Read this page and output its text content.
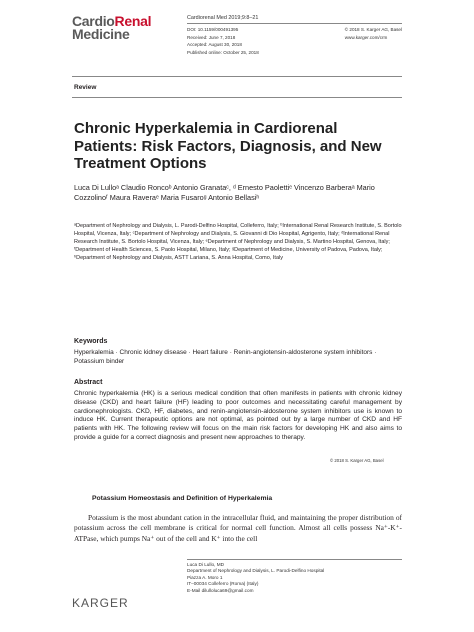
CardioRenal
Medicine
Cardiorenal Med 2019;9:8–21
DOI: 10.1159/000491395
Received: June 7, 2018
Accepted: August 30, 2018
Published online: October 25, 2018
© 2018 S. Karger AG, Basel
www.karger.com/crm
Review
Chronic Hyperkalemia in Cardiorenal Patients: Risk Factors, Diagnosis, and New Treatment Options
Luca Di Lulloᵃ Claudio Roncoᵇ Antonio Granataᶜ, ᵈ Ernesto Paolettiᵉ Vincenzo Barberaᵃ Mario Cozzolinoᶠ Maura Raveraᵉ Maria Fusaroᵍ Antonio Bellasiʰ
ᵃDepartment of Nephrology and Dialysis, L. Parodi-Delfino Hospital, Colleferro, Italy; ᵇInternational Renal Research Institute, S. Bortolo Hospital, Vicenza, Italy; ᶜDepartment of Nephrology and Dialysis, S. Giovanni di Dio Hospital, Agrigento, Italy; ᵈInternational Renal Research Institute, S. Bortolo Hospital, Vicenza, Italy; ᵉDepartment of Nephrology and Dialysis, S. Martino Hospital, Genova, Italy; ᶠDepartment of Health Sciences, S. Paolo Hospital, Milano, Italy; ᵍDepartment of Medicine, University of Padova, Padova, Italy; ʰDepartment of Nephrology and Dialysis, ASTT Lariana, S. Anna Hospital, Como, Italy
Keywords
Hyperkalemia · Chronic kidney disease · Heart failure · Renin-angiotensin-aldosterone system inhibitors · Potassium binder
Abstract
Chronic hyperkalemia (HK) is a serious medical condition that often manifests in patients with chronic kidney disease (CKD) and heart failure (HF) leading to poor outcomes and necessitating careful management by cardionephrologists. CKD, HF, diabetes, and renin-angiotensin-aldosterone system inhibitors use is known to induce HK. Current therapeutic options are not optimal, as pointed out by a large number of CKD and HF patients with HK. The following review will focus on the main risk factors for developing HK and also aims to provide a guide for a correct diagnosis and present new approaches to therapy.
© 2018 S. Karger AG, Basel
Potassium Homeostasis and Definition of Hyperkalemia
Potassium is the most abundant cation in the intracellular fluid, and maintaining the proper distribution of potassium across the cell membrane is critical for normal cell function. Almost all cells possess Na⁺-K⁺-ATPase, which pumps Na⁺ out of the cell and K⁺ into the cell
Luca Di Lullo, MD
Department of Nephrology and Dialysis, L. Parodi-Delfino Hospital
Piazza A. Moro 1
IT–00034 Colleferro (Roma) (Italy)
E-Mail dilulloluca69@gmail.com
KARGER
